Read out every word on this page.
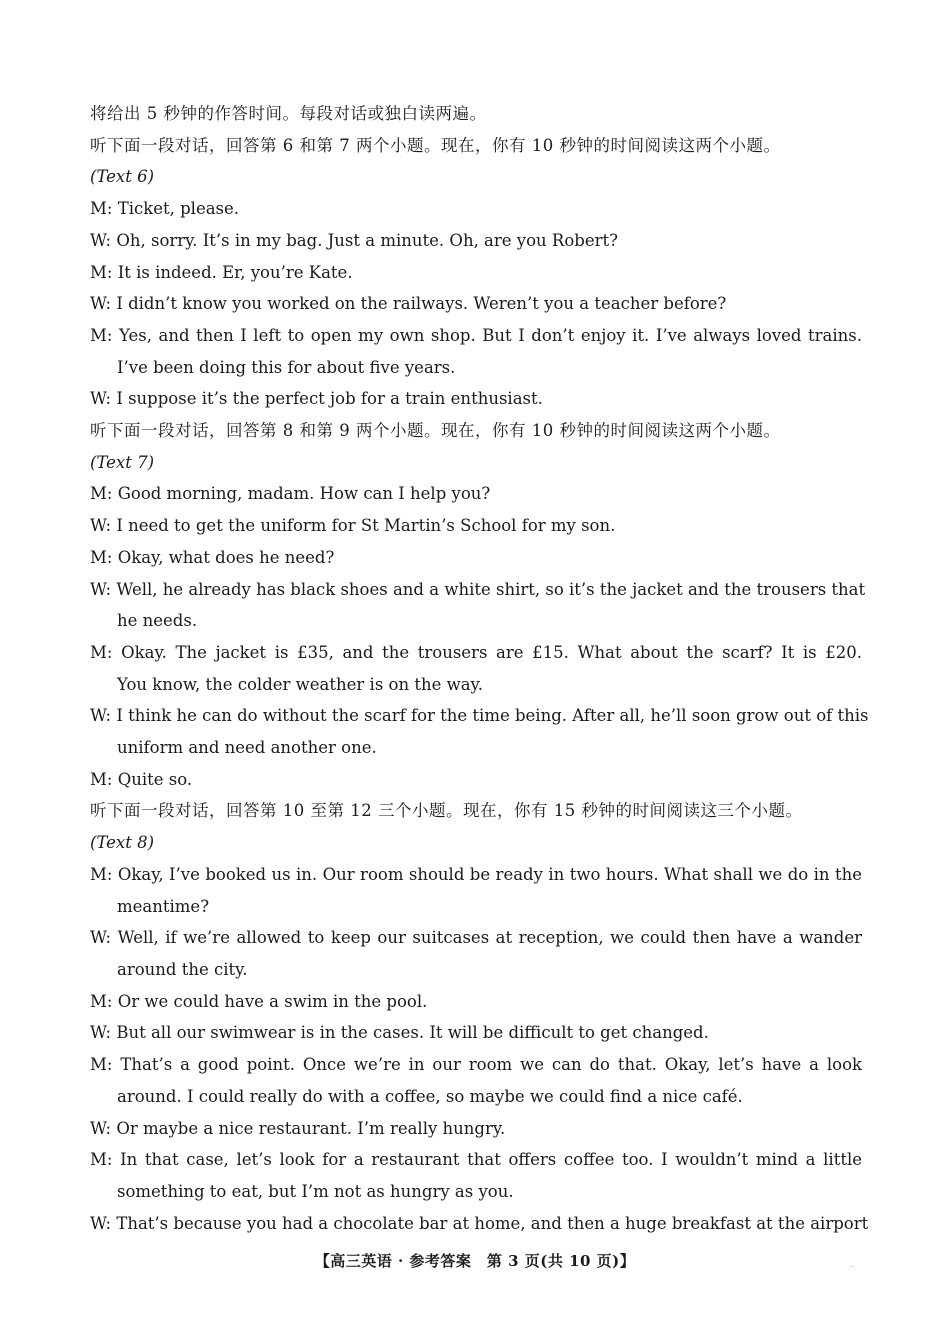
将给出 5 秒钟的作答时间。每段对话或独白读两遍。
听下面一段对话，回答第 6 和第 7 两个小题。现在，你有 10 秒钟的时间阅读这两个小题。
(Text 6)
M: Ticket, please.
W: Oh, sorry. It’s in my bag. Just a minute. Oh, are you Robert?
M: It is indeed. Er, you’re Kate.
W: I didn’t know you worked on the railways. Weren’t you a teacher before?
M: Yes, and then I left to open my own shop. But I don’t enjoy it. I’ve always loved trains.
I’ve been doing this for about five years.
W: I suppose it’s the perfect job for a train enthusiast.
听下面一段对话，回答第 8 和第 9 两个小题。现在，你有 10 秒钟的时间阅读这两个小题。
(Text 7)
M: Good morning, madam. How can I help you?
W: I need to get the uniform for St Martin’s School for my son.
M: Okay, what does he need?
W: Well, he already has black shoes and a white shirt, so it’s the jacket and the trousers that
he needs.
M: Okay. The jacket is £35, and the trousers are £15. What about the scarf? It is £20.
You know, the colder weather is on the way.
W: I think he can do without the scarf for the time being. After all, he’ll soon grow out of this
uniform and need another one.
M: Quite so.
听下面一段对话，回答第 10 至第 12 三个小题。现在，你有 15 秒钟的时间阅读这三个小题。
(Text 8)
M: Okay, I’ve booked us in. Our room should be ready in two hours. What shall we do in the
meantime?
W: Well, if we’re allowed to keep our suitcases at reception, we could then have a wander
around the city.
M: Or we could have a swim in the pool.
W: But all our swimwear is in the cases. It will be difficult to get changed.
M: That’s a good point. Once we’re in our room we can do that. Okay, let’s have a look
around. I could really do with a coffee, so maybe we could find a nice café.
W: Or maybe a nice restaurant. I’m really hungry.
M: In that case, let’s look for a restaurant that offers coffee too. I wouldn’t mind a little
something to eat, but I’m not as hungry as you.
W: That’s because you had a chocolate bar at home, and then a huge breakfast at the airport
【高三英语 · 参考答案　第 3 页(共 10 页)】	‥
